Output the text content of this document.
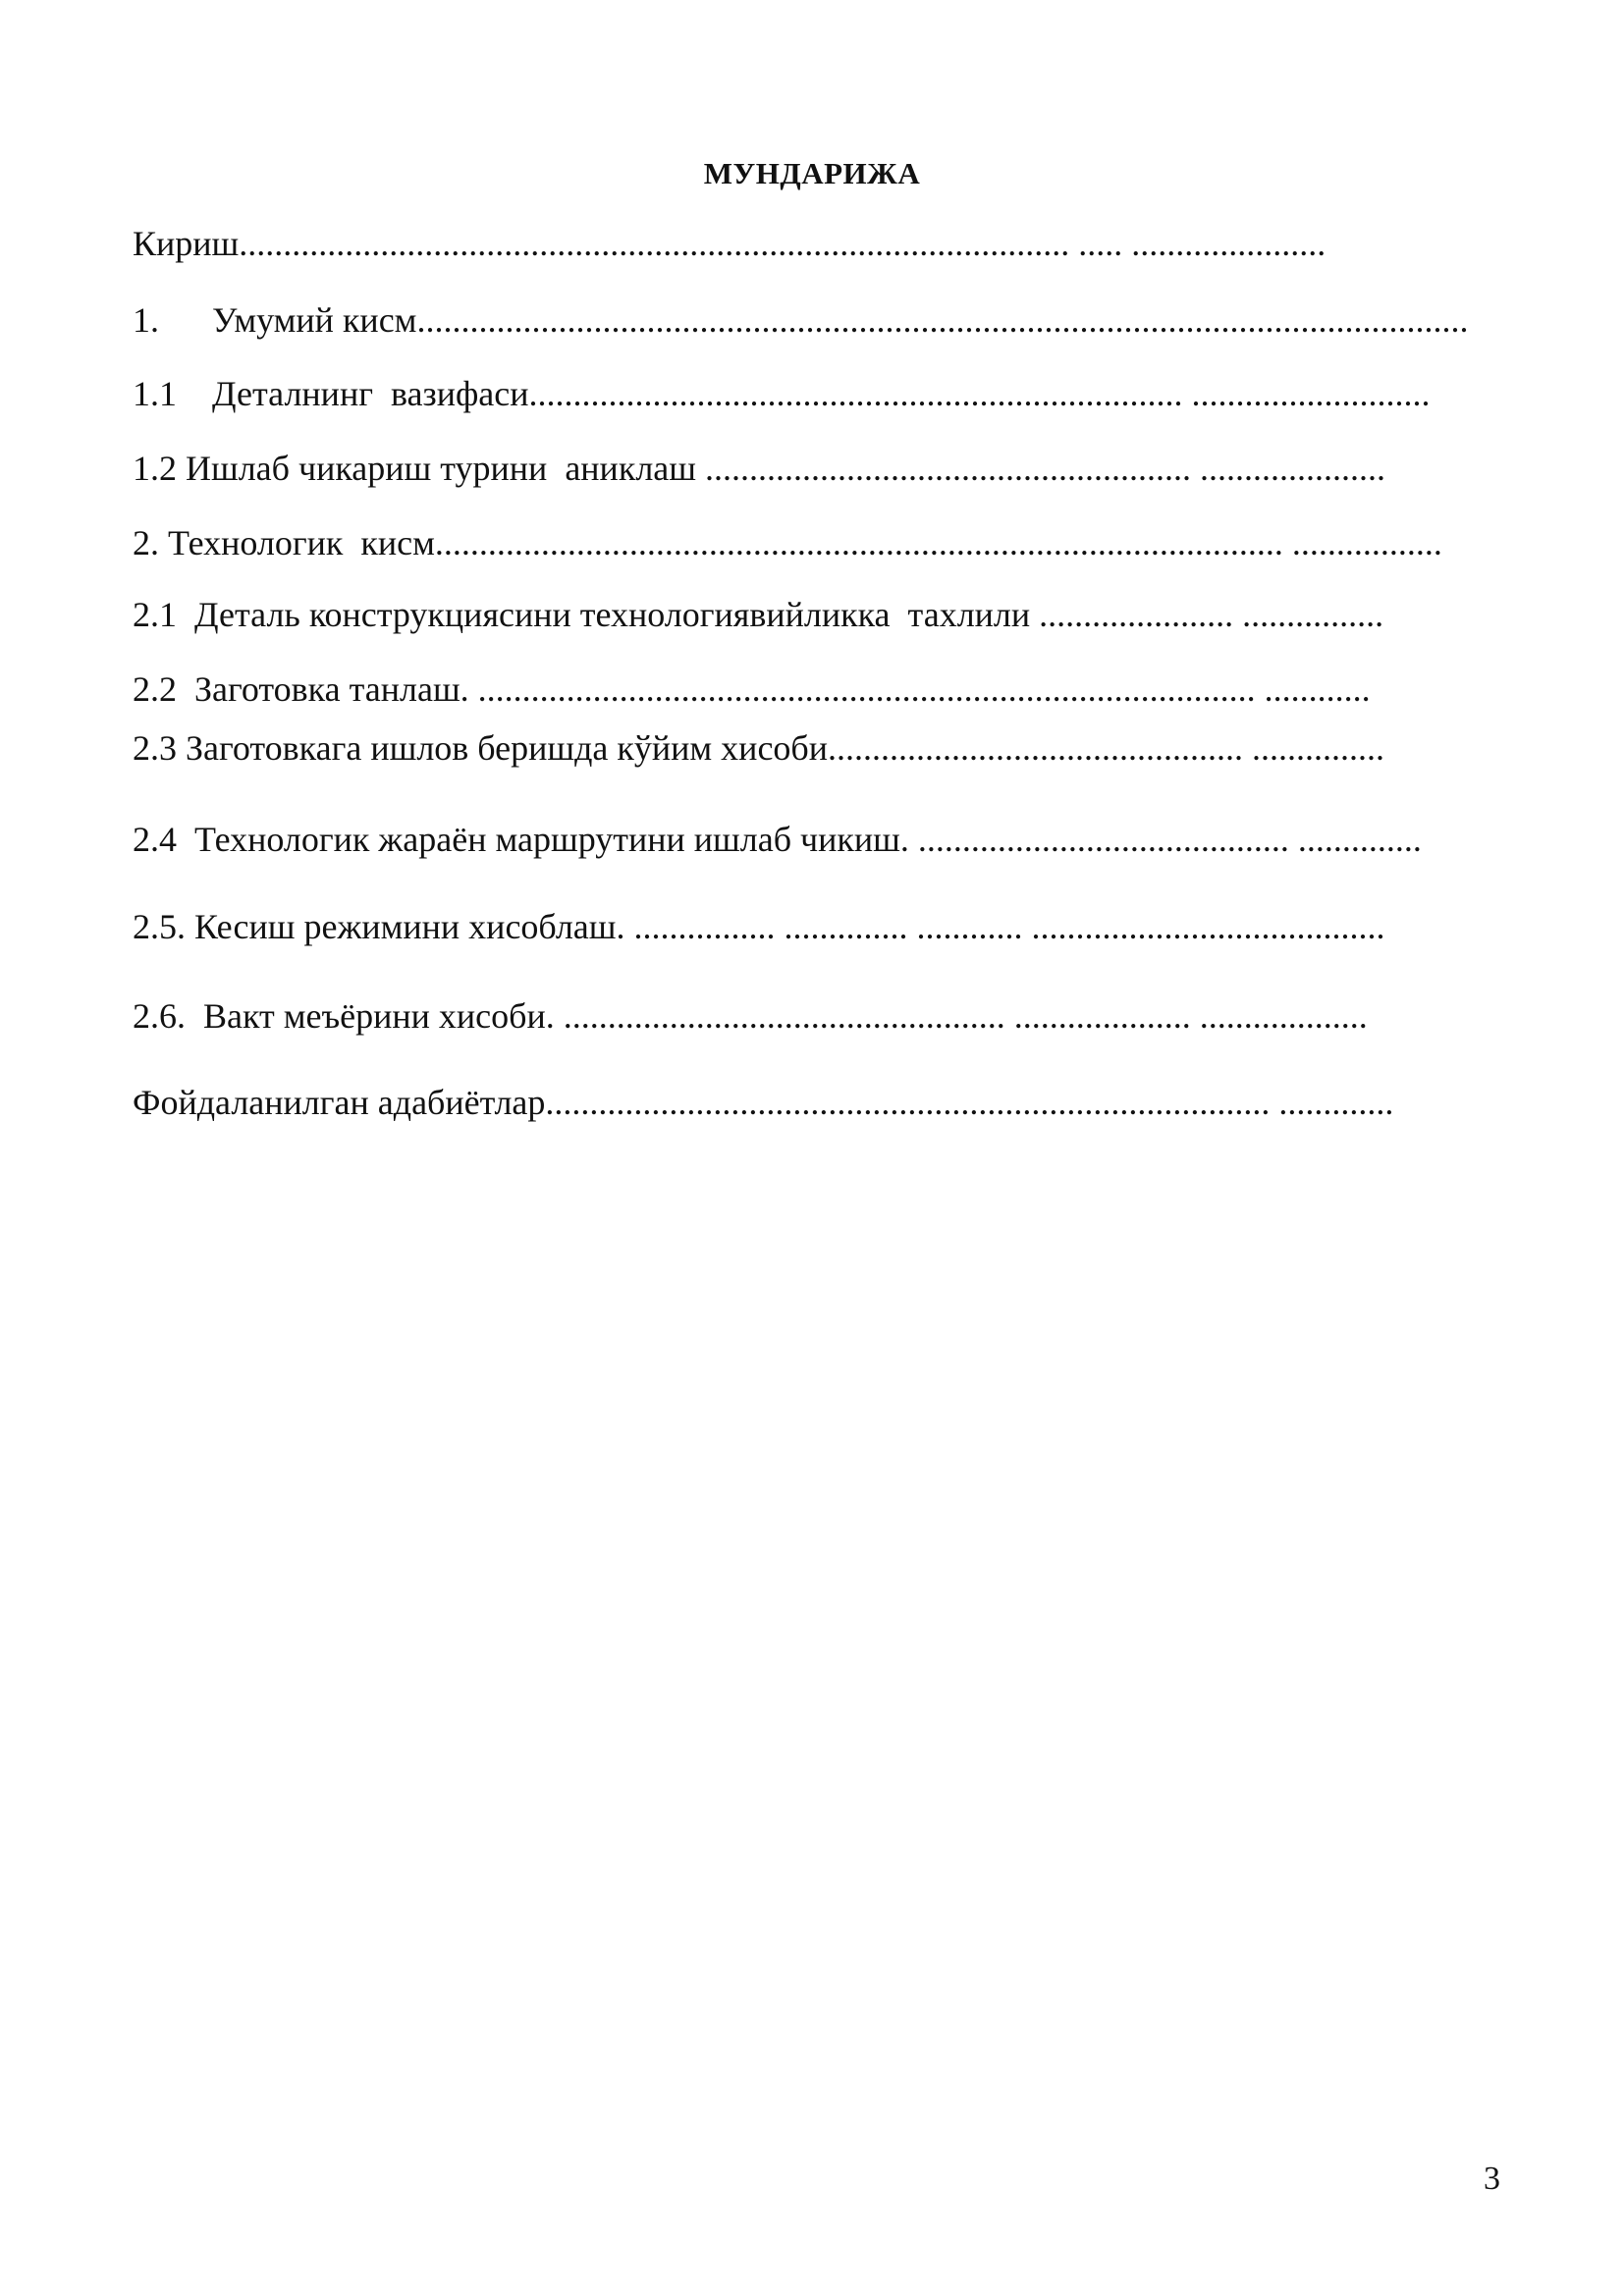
МУНДАРИЖА
Кириш.............................................................................................. ..... ......................
1.      Умумий кисм.......................................................................................................................
1.1    Деталнинг  вазифаси.......................................................................... ...........................
1.2 Ишлаб чикариш турини  аниклаш ....................................................... .....................
2. Технологик  кисм................................................................................................ .................
2.1  Деталь конструкциясини технологиявийликка  тахлили ...................... ................
2.2  Заготовка танлаш. ........................................................................................ ............
2.3 Заготовкага ишлов беришда кўйим хисоби............................................... ...............
2.4  Технологик жараён маршрутини ишлаб чикиш. .......................................... ..............
2.5. Кесиш режимини хисоблаш. ................ .............. ............ ........................................
2.6.  Вакт меъёрини хисоби. .................................................. .................... ...................
Фойдаланилган адабиётлар.................................................................................. .............
3
